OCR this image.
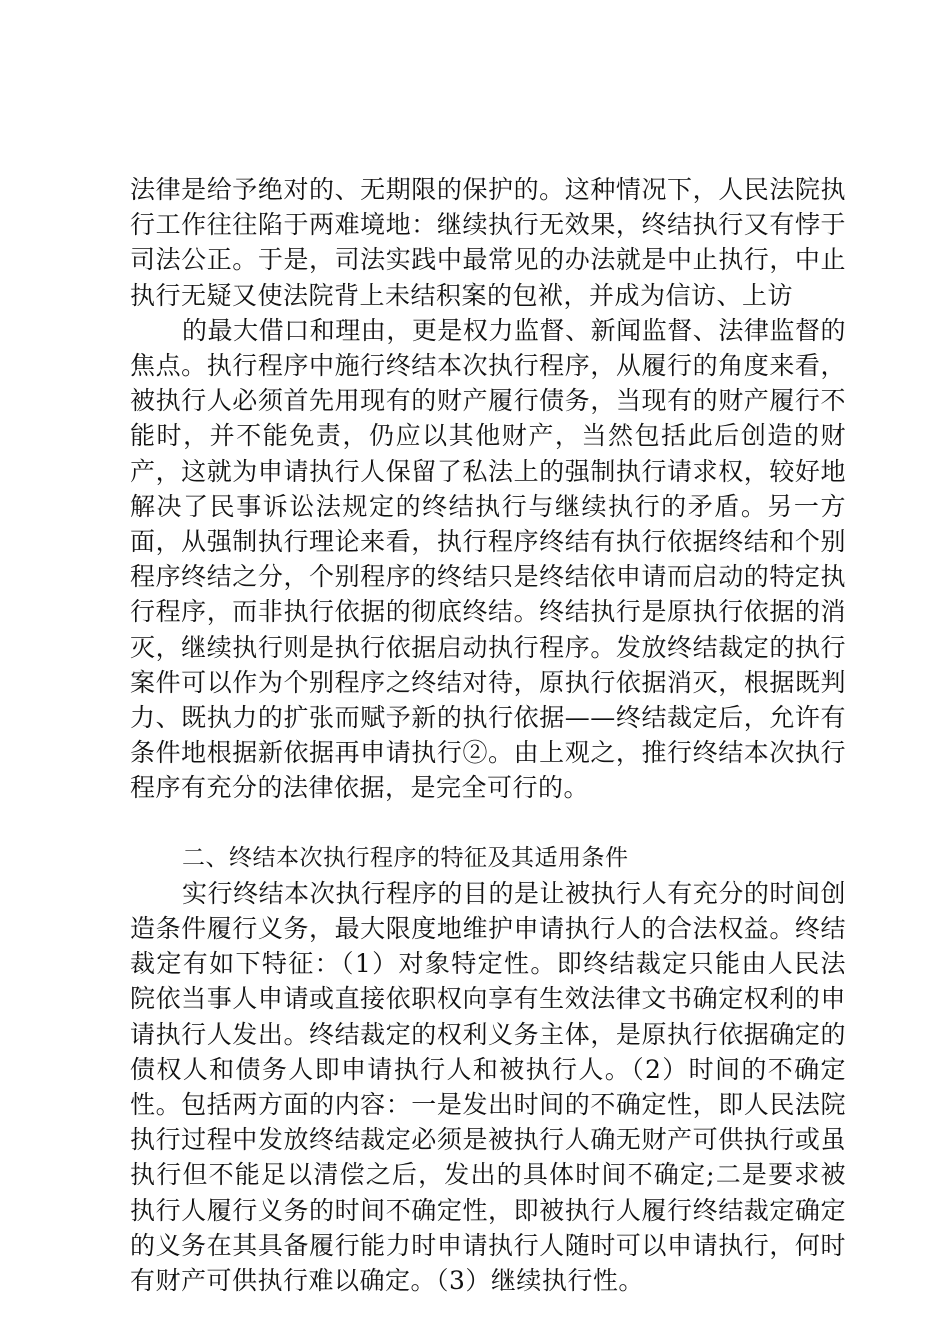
法律是给予绝对的、无期限的保护的。这种情况下，人民法院执行工作往往陷于两难境地：继续执行无效果，终结执行又有悖于司法公正。于是，司法实践中最常见的办法就是中止执行，中止执行无疑又使法院背上未结积案的包袱，并成为信访、上访

的最大借口和理由，更是权力监督、新闻监督、法律监督的焦点。执行程序中施行终结本次执行程序，从履行的角度来看，被执行人必须首先用现有的财产履行债务，当现有的财产履行不能时，并不能免责，仍应以其他财产，当然包括此后创造的财产，这就为申请执行人保留了私法上的强制执行请求权，较好地解决了民事诉讼法规定的终结执行与继续执行的矛盾。另一方面，从强制执行理论来看，执行程序终结有执行依据终结和个别程序终结之分，个别程序的终结只是终结依申请而启动的特定执行程序，而非执行依据的彻底终结。终结执行是原执行依据的消灭，继续执行则是执行依据启动执行程序。发放终结裁定的执行案件可以作为个别程序之终结对待，原执行依据消灭，根据既判力、既执力的扩张而赋予新的执行依据——终结裁定后，允许有条件地根据新依据再申请执行②。由上观之，推行终结本次执行程序有充分的法律依据，是完全可行的。

二、终结本次执行程序的特征及其适用条件

实行终结本次执行程序的目的是让被执行人有充分的时间创造条件履行义务，最大限度地维护申请执行人的合法权益。终结裁定有如下特征：（1）对象特定性。即终结裁定只能由人民法院依当事人申请或直接依职权向享有生效法律文书确定权利的申请执行人发出。终结裁定的权利义务主体，是原执行依据确定的债权人和债务人即申请执行人和被执行人。（2）时间的不确定性。包括两方面的内容：一是发出时间的不确定性，即人民法院执行过程中发放终结裁定必须是被执行人确无财产可供执行或虽执行但不能足以清偿之后，发出的具体时间不确定;二是要求被执行人履行义务的时间不确定性，即被执行人履行终结裁定确定的义务在其具备履行能力时申请执行人随时可以申请执行，何时有财产可供执行难以确定。（3）继续执行性。
